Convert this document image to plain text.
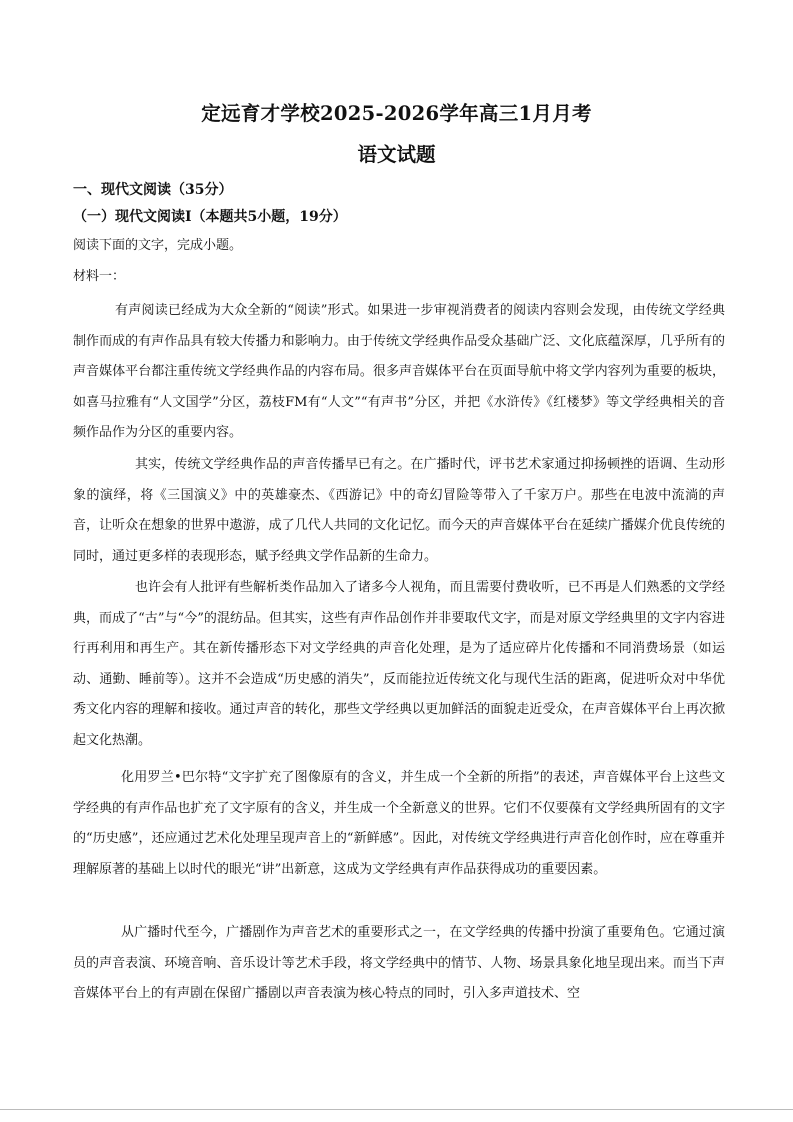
定远育才学校2025-2026学年高三1月月考
语文试题
一、现代文阅读（35分）
（一）现代文阅读Ⅰ（本题共5小题，19分）
阅读下面的文字，完成小题。
材料一：

有声阅读已经成为大众全新的“阅读”形式。如果进一步审视消费者的阅读内容则会发现，由传统文学经典制作而成的有声作品具有较大传播力和影响力。由于传统文学经典作品受众基础广泛、文化底蕴深厚，几乎所有的声音媒体平台都注重传统文学经典作品的内容布局。很多声音媒体平台在页面导航中将文学内容列为重要的板块，如喜马拉雅有“人文国学”分区，荔枝FM有“人文”“有声书”分区，并把《水浒传》《红楼梦》等文学经典相关的音频作品作为分区的重要内容。

其实，传统文学经典作品的声音传播早已有之。在广播时代，评书艺术家通过抑扬顿挫的语调、生动形象的演绎，将《三国演义》中的英雄豪杰、《西游记》中的奇幻冒险等带入了千家万户。那些在电波中流淌的声音，让听众在想象的世界中遨游，成了几代人共同的文化记忆。而今天的声音媒体平台在延续广播媒介优良传统的同时，通过更多样的表现形态，赋予经典文学作品新的生命力。

也许会有人批评有些解析类作品加入了诸多今人视角，而且需要付费收听，已不再是人们熟悉的文学经典，而成了“古”与“今”的混纺品。但其实，这些有声作品创作并非要取代文字，而是对原文学经典里的文字内容进行再利用和再生产。其在新传播形态下对文学经典的声音化处理，是为了适应碎片化传播和不同消费场景（如运动、通勤、睡前等）。这并不会造成“历史感的消失”，反而能拉近传统文化与现代生活的距离，促进听众对中华优秀文化内容的理解和接收。通过声音的转化，那些文学经典以更加鲜活的面貌走近受众，在声音媒体平台上再次掀起文化热潮。

化用罗兰•巴尔特“文字扩充了图像原有的含义，并生成一个全新的所指”的表述，声音媒体平台上这些文学经典的有声作品也扩充了文字原有的含义，并生成一个全新意义的世界。它们不仅要葆有文学经典所固有的文字的“历史感”，还应通过艺术化处理呈现声音上的“新鲜感”。因此，对传统文学经典进行声音化创作时，应在尊重并理解原著的基础上以时代的眼光“讲”出新意，这成为文学经典有声作品获得成功的重要因素。

从广播时代至今，广播剧作为声音艺术的重要形式之一，在文学经典的传播中扮演了重要角色。它通过演员的声音表演、环境音响、音乐设计等艺术手段，将文学经典中的情节、人物、场景具象化地呈现出来。而当下声音媒体平台上的有声剧在保留广播剧以声音表演为核心特点的同时，引入多声道技术、空
